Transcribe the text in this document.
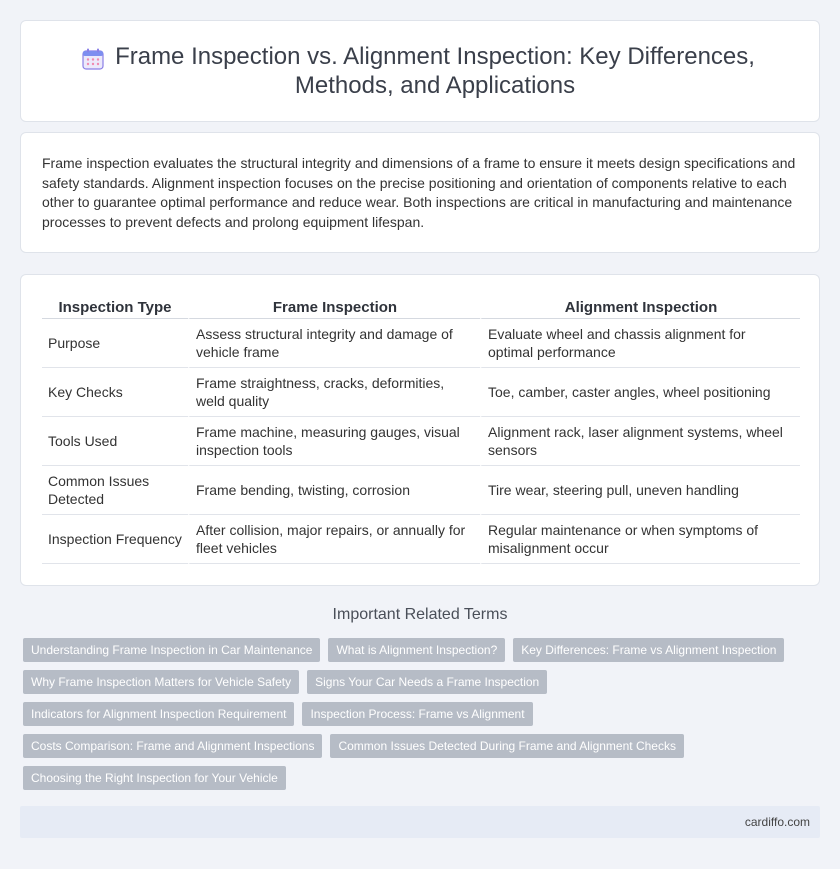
Frame Inspection vs. Alignment Inspection: Key Differences, Methods, and Applications

Frame inspection evaluates the structural integrity and dimensions of a frame to ensure it meets design specifications and safety standards. Alignment inspection focuses on the precise positioning and orientation of components relative to each other to guarantee optimal performance and reduce wear. Both inspections are critical in manufacturing and maintenance processes to prevent defects and prolong equipment lifespan.

Inspection Type	Frame Inspection	Alignment Inspection
Purpose	Assess structural integrity and damage of vehicle frame	Evaluate wheel and chassis alignment for optimal performance
Key Checks	Frame straightness, cracks, deformities, weld quality	Toe, camber, caster angles, wheel positioning
Tools Used	Frame machine, measuring gauges, visual inspection tools	Alignment rack, laser alignment systems, wheel sensors
Common Issues Detected	Frame bending, twisting, corrosion	Tire wear, steering pull, uneven handling
Inspection Frequency	After collision, major repairs, or annually for fleet vehicles	Regular maintenance or when symptoms of misalignment occur
Important Related Terms
Understanding Frame Inspection in Car Maintenance	What is Alignment Inspection?	Key Differences: Frame vs Alignment Inspection
Why Frame Inspection Matters for Vehicle Safety	Signs Your Car Needs a Frame Inspection
Indicators for Alignment Inspection Requirement	Inspection Process: Frame vs Alignment
Costs Comparison: Frame and Alignment Inspections	Common Issues Detected During Frame and Alignment Checks
Choosing the Right Inspection for Your Vehicle
cardiffo.com
